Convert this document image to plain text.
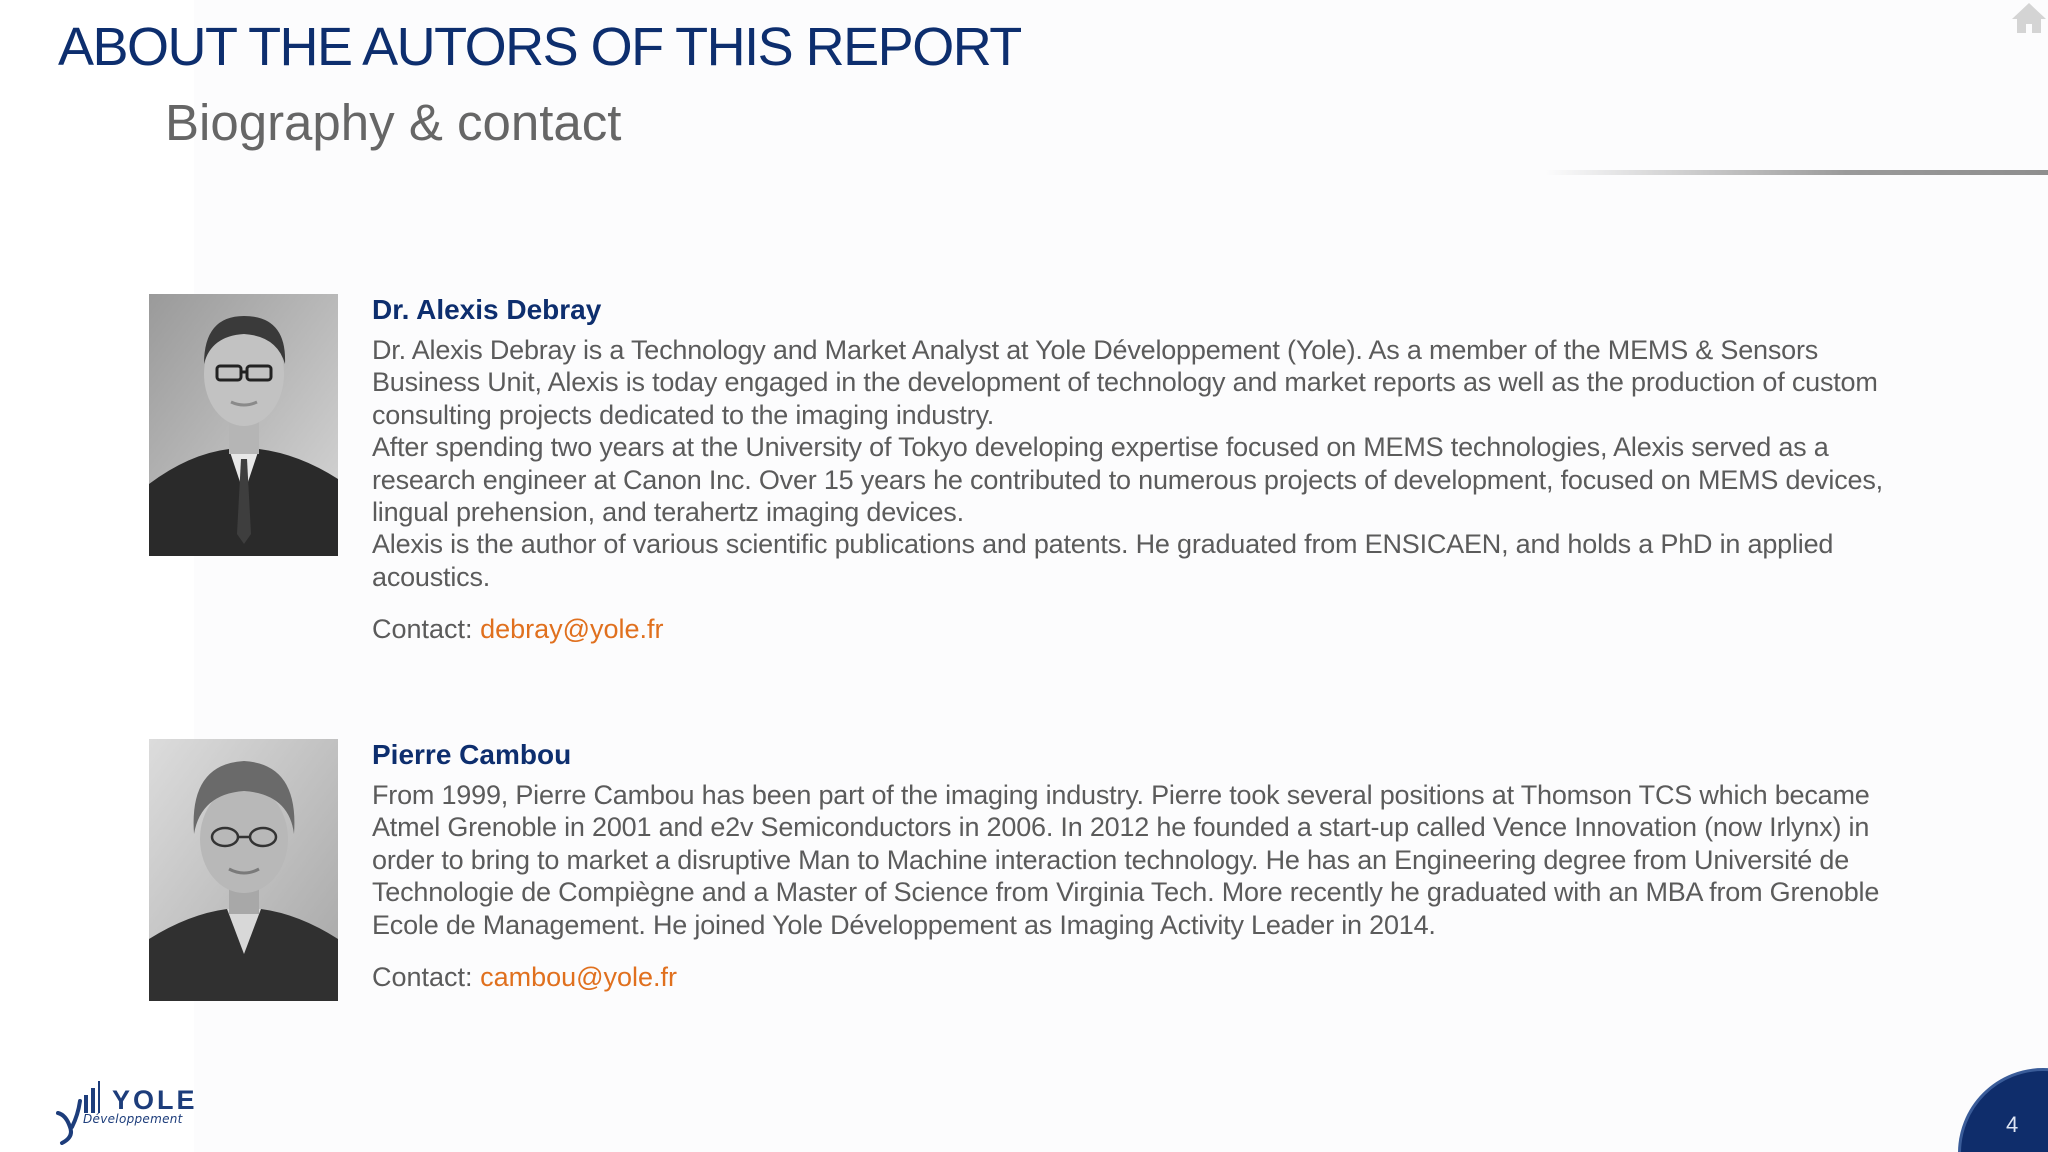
ABOUT THE AUTORS OF THIS REPORT
Biography & contact
Dr. Alexis Debray
Dr. Alexis Debray is a Technology and Market Analyst at Yole Développement (Yole). As a member of the MEMS & Sensors Business Unit, Alexis is today engaged in the development of technology and market reports as well as the production of custom consulting projects dedicated to the imaging industry.
After spending two years at the University of Tokyo developing expertise focused on MEMS technologies, Alexis served as a research engineer at Canon Inc. Over 15 years he contributed to numerous projects of development, focused on MEMS devices, lingual prehension, and terahertz imaging devices.
Alexis is the author of various scientific publications and patents. He graduated from ENSICAEN, and holds a PhD in applied acoustics.
Contact: debray@yole.fr
Pierre Cambou
From 1999, Pierre Cambou has been part of the imaging industry. Pierre took several positions at Thomson TCS which became Atmel Grenoble in 2001 and e2v Semiconductors in 2006. In 2012 he founded a start-up called Vence Innovation (now Irlynx) in order to bring to market a disruptive Man to Machine interaction technology. He has an Engineering degree from Université de Technologie de Compiègne and a Master of Science from Virginia Tech. More recently he graduated with an MBA from Grenoble Ecole de Management. He joined Yole Développement as Imaging Activity Leader in 2014.
Contact: cambou@yole.fr
YOLE
Développement	4
